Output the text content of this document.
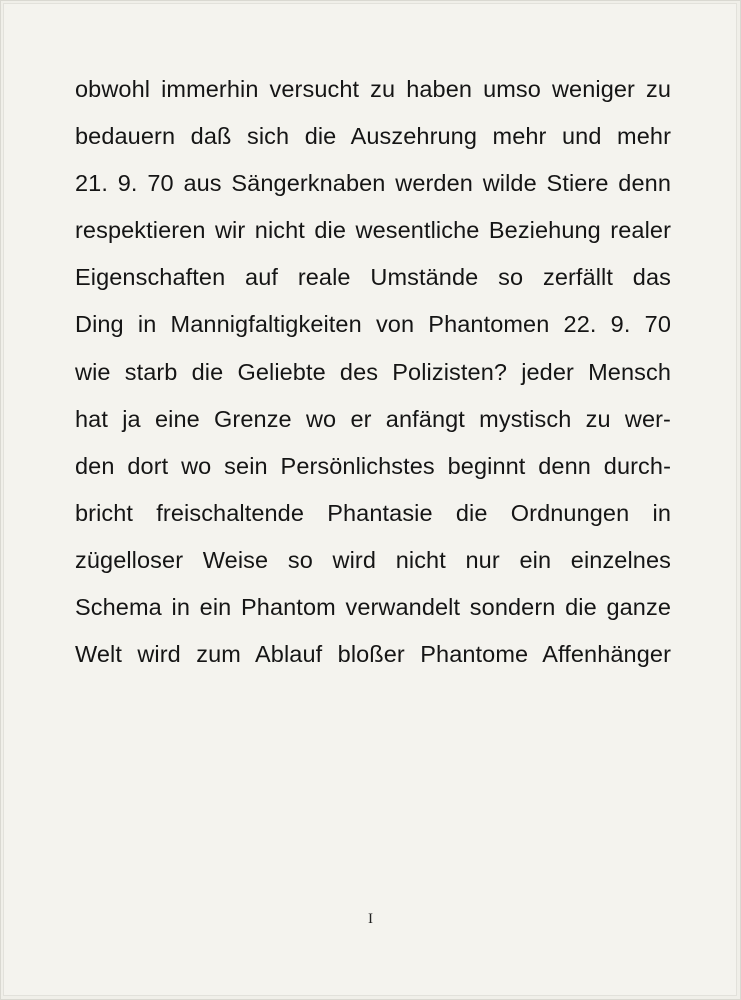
obwohl immerhin versucht zu haben umso weniger zu
bedauern daß sich die Auszehrung mehr und mehr
21. 9. 70 aus Sängerknaben werden wilde Stiere denn
respektieren wir nicht die wesentliche Beziehung realer
Eigenschaften auf reale Umstände so zerfällt das
Ding in Mannigfaltigkeiten von Phantomen 22. 9. 70
wie starb die Geliebte des Polizisten? jeder Mensch
hat ja eine Grenze wo er anfängt mystisch zu wer-
den dort wo sein Persönlichstes beginnt denn durch-
bricht freischaltende Phantasie die Ordnungen in
zügelloser Weise so wird nicht nur ein einzelnes
Schema in ein Phantom verwandelt sondern die ganze
Welt wird zum Ablauf bloßer Phantome Affenhänger
I
